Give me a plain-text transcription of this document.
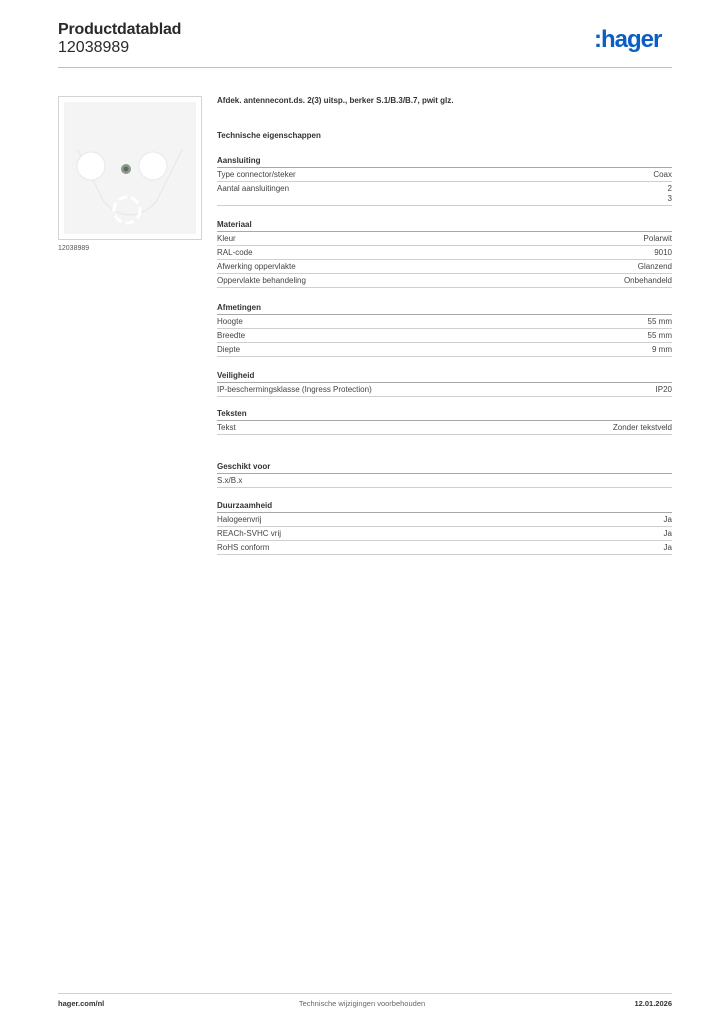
Productdatablad
12038989	:hager
12038989
Afdek. antennecont.ds. 2(3) uitsp., berker S.1/B.3/B.7, pwit glz.
Technische eigenschappen
Aansluiting
Type connector/steker	Coax
Aantal aansluitingen	2
3
Materiaal
Kleur	Polarwit
RAL-code	9010
Afwerking oppervlakte	Glanzend
Oppervlakte behandeling	Onbehandeld
Afmetingen
Hoogte	55 mm
Breedte	55 mm
Diepte	9 mm
Veiligheid
IP-beschermingsklasse (Ingress Protection)	IP20
Teksten
Tekst	Zonder tekstveld
Geschikt voor
S.x/B.x
Duurzaamheid
Halogeenvrij	Ja
REACh-SVHC vrij	Ja
RoHS conform	Ja
hager.com/nl	Technische wijzigingen voorbehouden	12.01.2026
